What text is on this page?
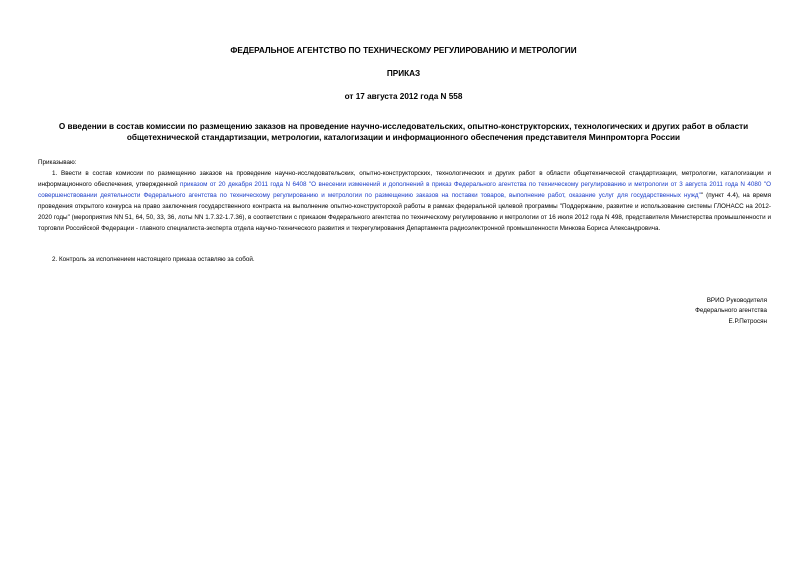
ФЕДЕРАЛЬНОЕ АГЕНТСТВО ПО ТЕХНИЧЕСКОМУ РЕГУЛИРОВАНИЮ И МЕТРОЛОГИИ

ПРИКАЗ

от 17 августа 2012 года N 558

О введении в состав комиссии по размещению заказов на проведение научно-исследовательских, опытно-конструкторских, технологических и других работ в области общетехнической стандартизации, метрологии, каталогизации и информационного обеспечения представителя Минпромторга России

Приказываю:

1. Ввести в состав комиссии по размещению заказов на проведение научно-исследовательских, опытно-конструкторских, технологических и других работ в области общетехнической стандартизации, метрологии, каталогизации и информационного обеспечения, утвержденной приказом от 20 декабря 2011 года N 6408 "О внесении изменений и дополнений в приказ Федерального агентства по техническому регулированию и метрологии от 3 августа 2011 года N 4080 "О совершенствовании деятельности Федерального агентства по техническому регулированию и метрологии по размещению заказов на поставки товаров, выполнение работ, оказание услуг для государственных нужд"" (пункт 4.4), на время проведения открытого конкурса на право заключения государственного контракта на выполнение опытно-конструкторской работы в рамках федеральной целевой программы "Поддержание, развитие и использование системы ГЛОНАСС на 2012-2020 годы" (мероприятия NN 51, 64, 50, 33, 36, лоты NN 1.7.32-1.7.36), в соответствии с приказом Федерального агентства по техническому регулированию и метрологии от 16 июля 2012 года N 498, представителя Министерства промышленности и торговли Российской Федерации - главного специалиста-эксперта отдела научно-технического развития и техрегулирования Департамента радиоэлектронной промышленности Минкова Бориса Александровича.

2. Контроль за исполнением настоящего приказа оставляю за собой.

ВРИО Руководителя
Федерального агентства
Е.Р.Петросян
